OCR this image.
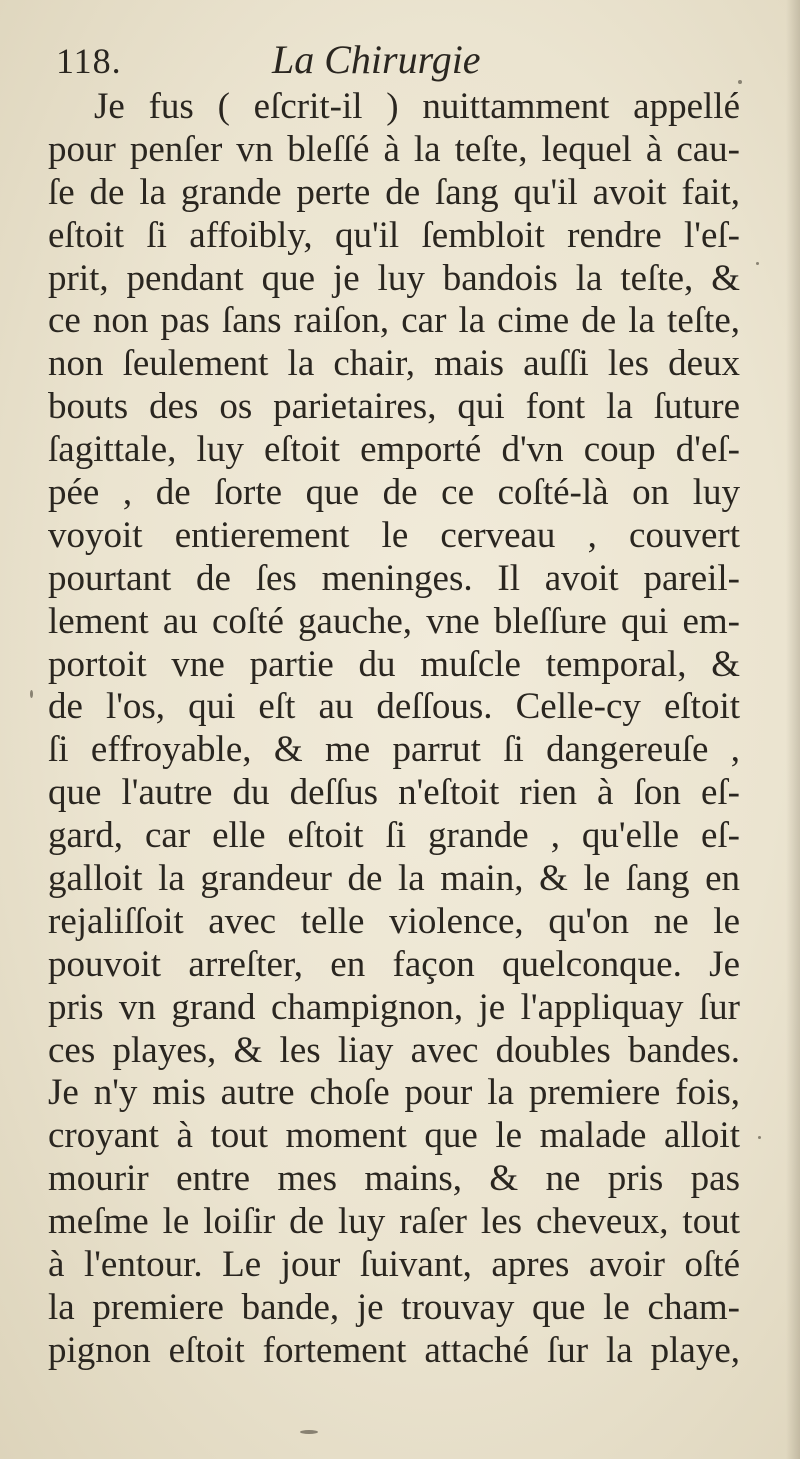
118.	La Chirurgie
Je fus ( eſcrit-il ) nuittamment appellé
pour penſer vn bleſſé à la teſte, lequel à cau-
ſe de la grande perte de ſang qu'il avoit fait,
eſtoit ſi affoibly, qu'il ſembloit rendre l'eſ-
prit, pendant que je luy bandois la teſte, &
ce non pas ſans raiſon, car la cime de la teſte,
non ſeulement la chair, mais auſſi les deux
bouts des os parietaires, qui font la ſuture
ſagittale, luy eſtoit emporté d'vn coup d'eſ-
pée , de ſorte que de ce coſté-là on luy
voyoit entierement le cerveau , couvert
pourtant de ſes meninges. Il avoit pareil-
lement au coſté gauche, vne bleſſure qui em-
portoit vne partie du muſcle temporal, &
de l'os, qui eſt au deſſous. Celle-cy eſtoit
ſi effroyable, & me parrut ſi dangereuſe ,
que l'autre du deſſus n'eſtoit rien à ſon eſ-
gard, car elle eſtoit ſi grande , qu'elle eſ-
galloit la grandeur de la main, & le ſang en
rejaliſſoit avec telle violence, qu'on ne le
pouvoit arreſter, en façon quelconque. Je
pris vn grand champignon, je l'appliquay ſur
ces playes, & les liay avec doubles bandes.
Je n'y mis autre choſe pour la premiere fois,
croyant à tout moment que le malade alloit
mourir entre mes mains, & ne pris pas
meſme le loiſir de luy raſer les cheveux, tout
à l'entour. Le jour ſuivant, apres avoir oſté
la premiere bande, je trouvay que le cham-
pignon eſtoit fortement attaché ſur la playe,
